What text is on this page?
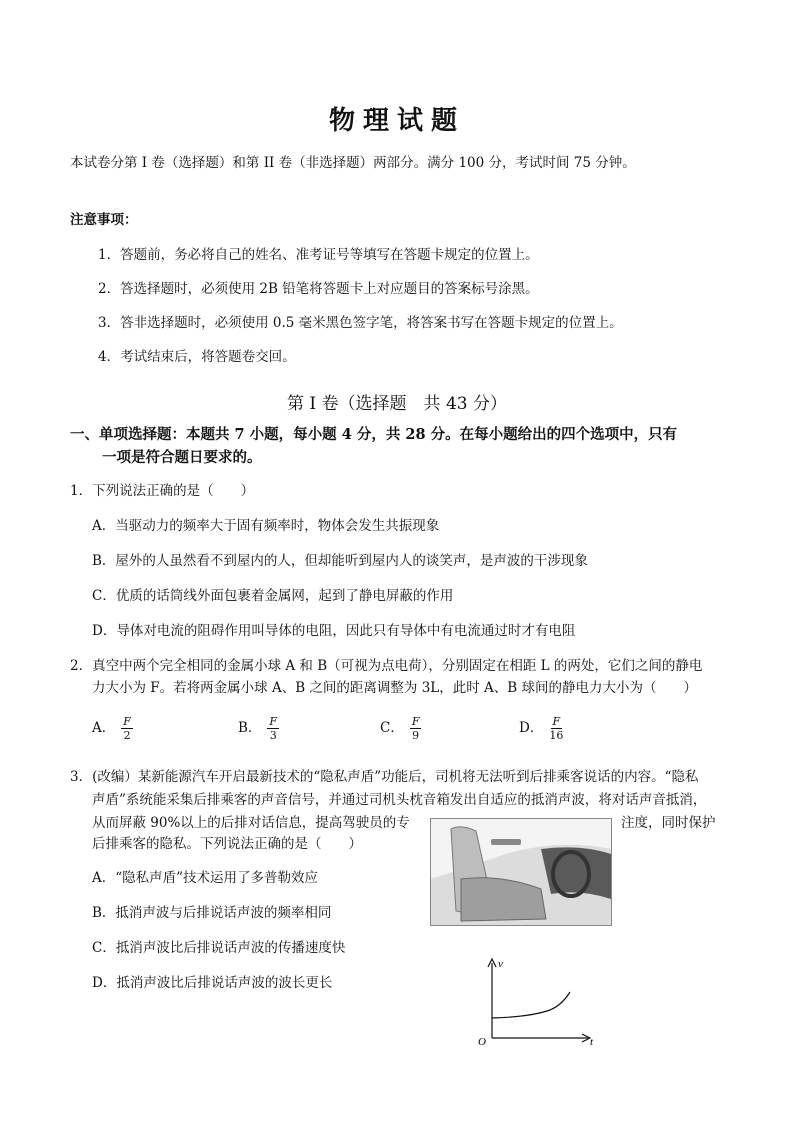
物理试题
本试卷分第 I 卷（选择题）和第 II 卷（非选择题）两部分。满分 100 分，考试时间 75 分钟。
注意事项：
1．答题前，务必将自己的姓名、准考证号等填写在答题卡规定的位置上。
2．答选择题时，必须使用 2B 铅笔将答题卡上对应题目的答案标号涂黑。
3．答非选择题时，必须使用 0.5 毫米黑色签字笔，将答案书写在答题卡规定的位置上。
4．考试结束后，将答题卷交回。
第 I 卷（选择题　共 43 分）
一、单项选择题：本题共 7 小题，每小题 4 分，共 28 分。在每小题给出的四个选项中，只有
一项是符合题日要求的。
1．下列说法正确的是（　　）
A．当驱动力的频率大于固有频率时，物体会发生共振现象
B．屋外的人虽然看不到屋内的人，但却能听到屋内人的谈笑声，是声波的干涉现象
C．优质的话筒线外面包裹着金属网，起到了静电屏蔽的作用
D．导体对电流的阻碍作用叫导体的电阻，因此只有导体中有电流通过时才有电阻
2．真空中两个完全相同的金属小球 A 和 B（可视为点电荷），分别固定在相距 L 的两处，它们之间的静电
力大小为 F。若将两金属小球 A、B 之间的距离调整为 3L，此时 A、B 球间的静电力大小为（　　）
A． $\frac{F}{2}$	B． $\frac{F}{3}$	C． $\frac{F}{9}$	D． $\frac{F}{16}$
3．(改编）某新能源汽车开启最新技术的“隐私声盾”功能后，司机将无法听到后排乘客说话的内容。“隐私
声盾”系统能采集后排乘客的声音信号，并通过司机头枕音箱发出自适应的抵消声波，将对话声音抵消，
从而屏蔽 90%以上的后排对话信息，提高驾驶员的专	注度，同时保护
后排乘客的隐私。下列说法正确的是（　　）
A．“隐私声盾”技术运用了多普勒效应
B．抵消声波与后排说话声波的频率相同
C．抵消声波比后排说话声波的传播速度快
D．抵消声波比后排说话声波的波长更长
v
t
O
